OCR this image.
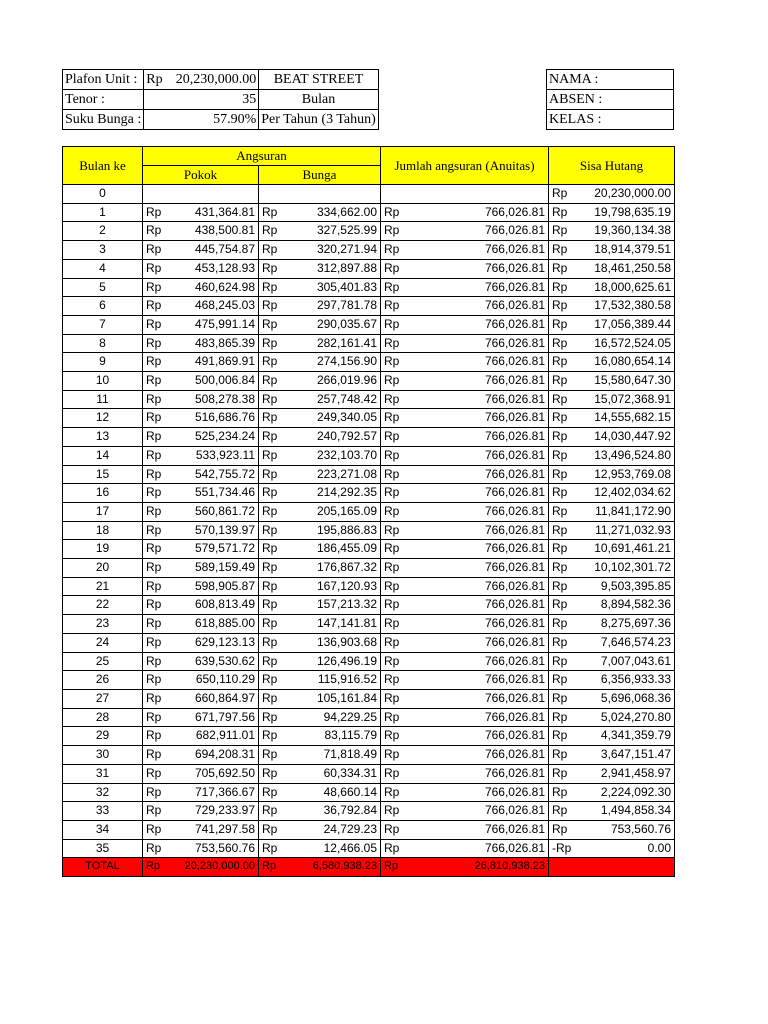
Plafon Unit :	Rp 20,230,000.00	BEAT STREET
Tenor :	35	Bulan
Suku Bunga :	57.90%	Per Tahun (3 Tahun)
NAMA :
ABSEN :
KELAS :
Bulan ke	Angsuran		Jumlah angsuran (Anuitas)	Sisa Hutang
	Pokok	Bunga		
0				Rp 20,230,000.00

1	Rp 431,364.81	Rp 334,662.00	Rp 766,026.81	Rp 19,798,635.19

2	Rp 438,500.81	Rp 327,525.99	Rp 766,026.81	Rp 19,360,134.38

3	Rp 445,754.87	Rp 320,271.94	Rp 766,026.81	Rp 18,914,379.51

4	Rp 453,128.93	Rp 312,897.88	Rp 766,026.81	Rp 18,461,250.58

5	Rp 460,624.98	Rp 305,401.83	Rp 766,026.81	Rp 18,000,625.61

6	Rp 468,245.03	Rp 297,781.78	Rp 766,026.81	Rp 17,532,380.58

7	Rp 475,991.14	Rp 290,035.67	Rp 766,026.81	Rp 17,056,389.44

8	Rp 483,865.39	Rp 282,161.41	Rp 766,026.81	Rp 16,572,524.05

9	Rp 491,869.91	Rp 274,156.90	Rp 766,026.81	Rp 16,080,654.14

10	Rp 500,006.84	Rp 266,019.96	Rp 766,026.81	Rp 15,580,647.30

11	Rp 508,278.38	Rp 257,748.42	Rp 766,026.81	Rp 15,072,368.91

12	Rp 516,686.76	Rp 249,340.05	Rp 766,026.81	Rp 14,555,682.15

13	Rp 525,234.24	Rp 240,792.57	Rp 766,026.81	Rp 14,030,447.92

14	Rp 533,923.11	Rp 232,103.70	Rp 766,026.81	Rp 13,496,524.80

15	Rp 542,755.72	Rp 223,271.08	Rp 766,026.81	Rp 12,953,769.08

16	Rp 551,734.46	Rp 214,292.35	Rp 766,026.81	Rp 12,402,034.62

17	Rp 560,861.72	Rp 205,165.09	Rp 766,026.81	Rp 11,841,172.90

18	Rp 570,139.97	Rp 195,886.83	Rp 766,026.81	Rp 11,271,032.93

19	Rp 579,571.72	Rp 186,455.09	Rp 766,026.81	Rp 10,691,461.21

20	Rp 589,159.49	Rp 176,867.32	Rp 766,026.81	Rp 10,102,301.72

21	Rp 598,905.87	Rp 167,120.93	Rp 766,026.81	Rp 9,503,395.85

22	Rp 608,813.49	Rp 157,213.32	Rp 766,026.81	Rp 8,894,582.36

23	Rp 618,885.00	Rp 147,141.81	Rp 766,026.81	Rp 8,275,697.36

24	Rp 629,123.13	Rp 136,903.68	Rp 766,026.81	Rp 7,646,574.23

25	Rp 639,530.62	Rp 126,496.19	Rp 766,026.81	Rp 7,007,043.61

26	Rp 650,110.29	Rp 115,916.52	Rp 766,026.81	Rp 6,356,933.33

27	Rp 660,864.97	Rp 105,161.84	Rp 766,026.81	Rp 5,696,068.36

28	Rp 671,797.56	Rp 94,229.25	Rp 766,026.81	Rp 5,024,270.80

29	Rp 682,911.01	Rp 83,115.79	Rp 766,026.81	Rp 4,341,359.79

30	Rp 694,208.31	Rp 71,818.49	Rp 766,026.81	Rp 3,647,151.47

31	Rp 705,692.50	Rp 60,334.31	Rp 766,026.81	Rp 2,941,458.97

32	Rp 717,366.67	Rp 48,660.14	Rp 766,026.81	Rp 2,224,092.30

33	Rp 729,233.97	Rp 36,792.84	Rp 766,026.81	Rp 1,494,858.34

34	Rp 741,297.58	Rp 24,729.23	Rp 766,026.81	Rp 753,560.76

35	Rp 753,560.76	Rp 12,466.05	Rp 766,026.81	-Rp 0.00

TOTAL	Rp 20,230,000.00	Rp 6,580,938.23	Rp 26,810,938.23	
